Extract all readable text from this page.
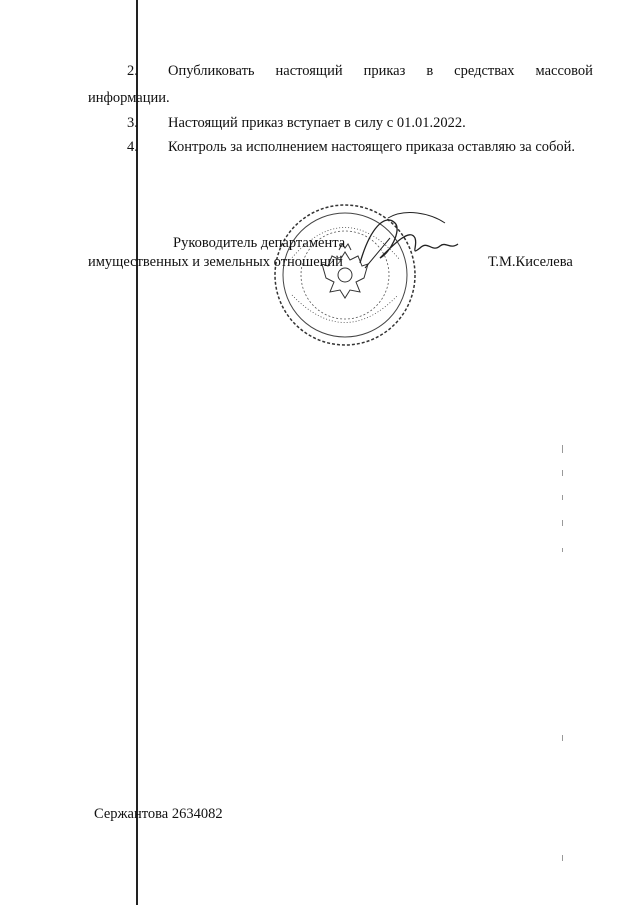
2. Опубликовать настоящий приказ в средствах массовой
информации.
3. Настоящий приказ вступает в силу с 01.01.2022.
4. Контроль за исполнением настоящего приказа оставляю за собой.
Руководитель департамента
имущественных и земельных отношений	Т.М.Киселева
Сержантова 2634082
